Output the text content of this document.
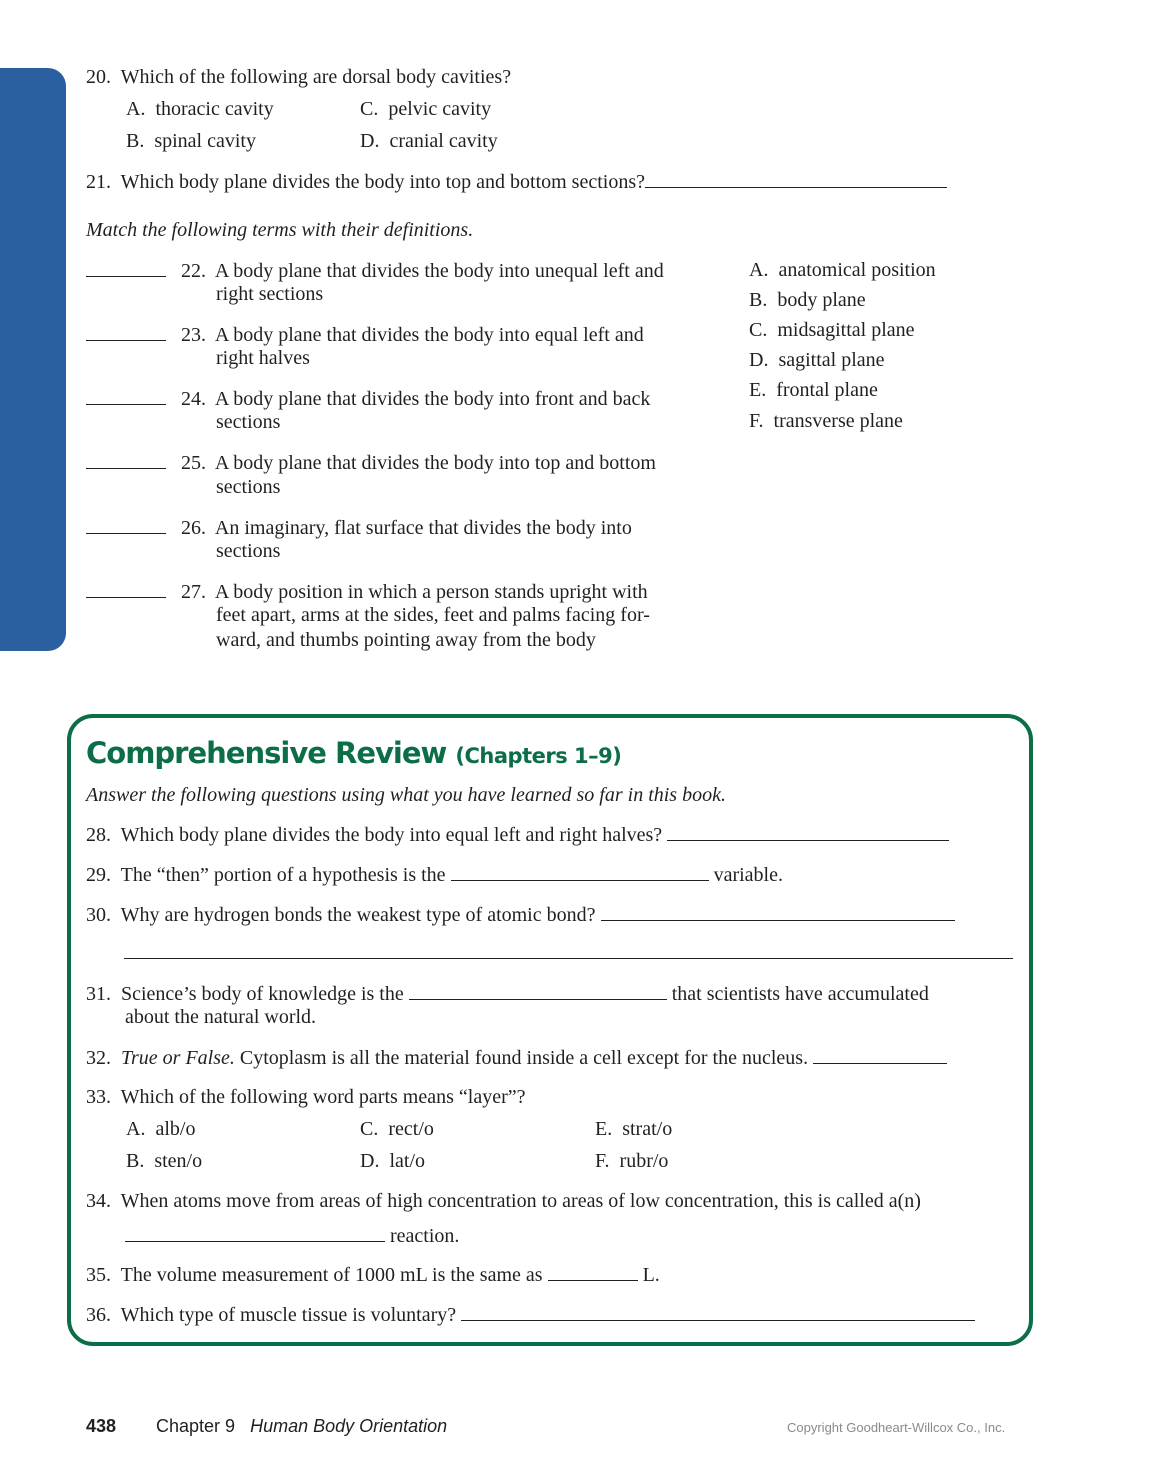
20. Which of the following are dorsal body cavities?
A. thoracic cavity
B. spinal cavity
C. pelvic cavity
D. cranial cavity
21. Which body plane divides the body into top and bottom sections?
Match the following terms with their definitions.
22. A body plane that divides the body into unequal left and
right sections
23. A body plane that divides the body into equal left and
right halves
24. A body plane that divides the body into front and back
sections
25. A body plane that divides the body into top and bottom
sections
26. An imaginary, flat surface that divides the body into
sections
27. A body position in which a person stands upright with
feet apart, arms at the sides, feet and palms facing for-
ward, and thumbs pointing away from the body
A. anatomical position
B. body plane
C. midsagittal plane
D. sagittal plane
E. frontal plane
F. transverse plane
Comprehensive Review (Chapters 1–9)
Answer the following questions using what you have learned so far in this book.
28. Which body plane divides the body into equal left and right halves?
29. The “then” portion of a hypothesis is the	variable.
30. Why are hydrogen bonds the weakest type of atomic bond?
31. Science’s body of knowledge is the	that scientists have accumulated
about the natural world.
32. True or False. Cytoplasm is all the material found inside a cell except for the nucleus.
33. Which of the following word parts means “layer”?
A. alb/o
B. sten/o
C. rect/o
D. lat/o
E. strat/o
F. rubr/o
34. When atoms move from areas of high concentration to areas of low concentration, this is called a(n)
reaction.
35. The volume measurement of 1000 mL is the same as	L.
36. Which type of muscle tissue is voluntary?
438 Chapter 9 Human Body Orientation	Copyright Goodheart-Willcox Co., Inc.
